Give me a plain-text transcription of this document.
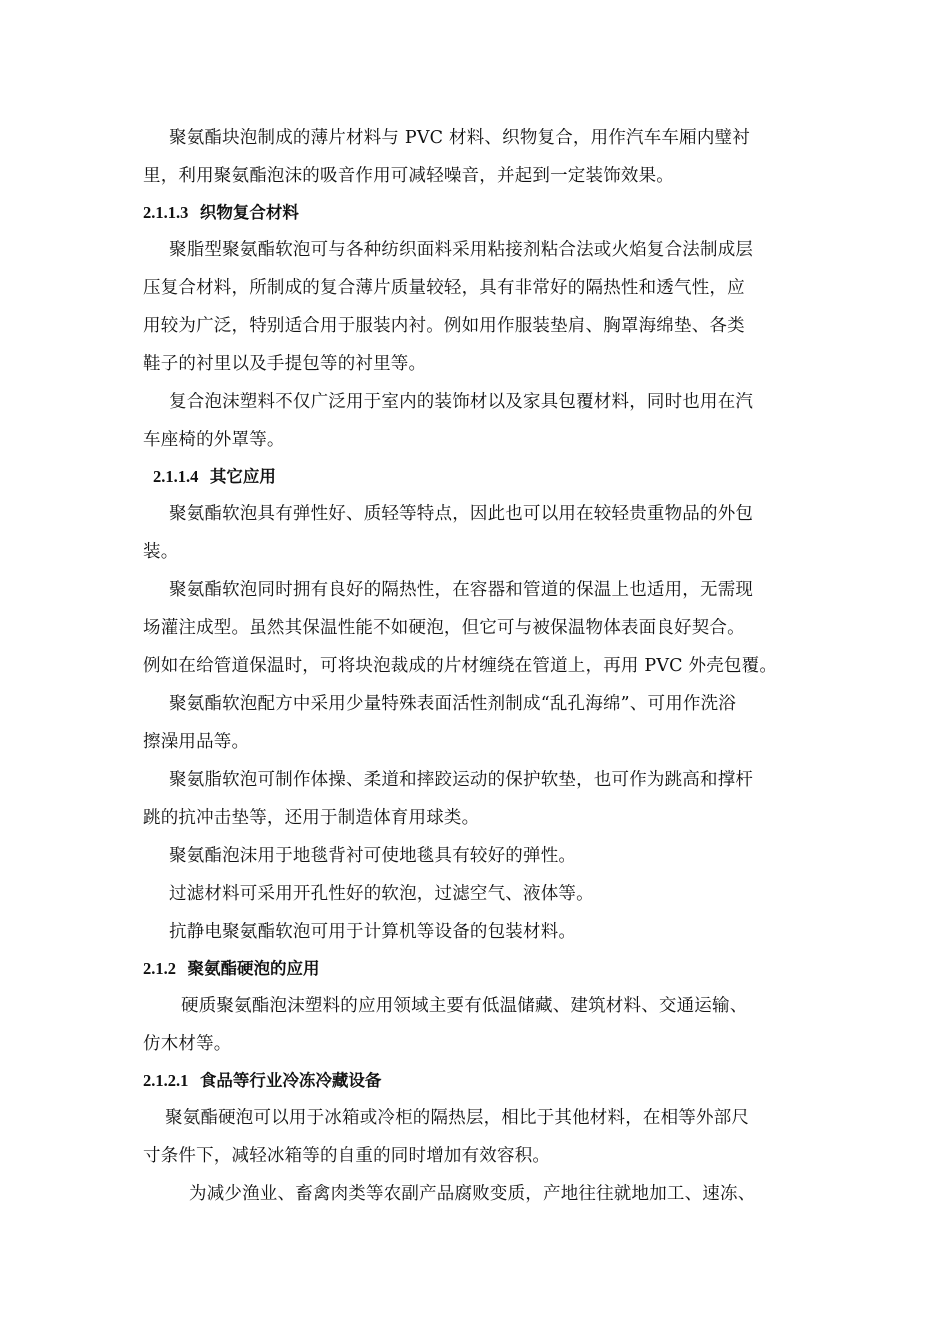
聚氨酯块泡制成的薄片材料与 PVC 材料、织物复合，用作汽车车厢内璧衬
里，利用聚氨酯泡沫的吸音作用可减轻噪音，并起到一定装饰效果。
2.1.1.3 织物复合材料
聚脂型聚氨酯软泡可与各种纺织面料采用粘接剂粘合法或火焰复合法制成层
压复合材料，所制成的复合薄片质量较轻，具有非常好的隔热性和透气性，应
用较为广泛，特别适合用于服装内衬。例如用作服装垫肩、胸罩海绵垫、各类
鞋子的衬里以及手提包等的衬里等。
复合泡沫塑料不仅广泛用于室内的装饰材以及家具包覆材料，同时也用在汽
车座椅的外罩等。
2.1.1.4 其它应用
聚氨酯软泡具有弹性好、质轻等特点，因此也可以用在较轻贵重物品的外包
装。
聚氨酯软泡同时拥有良好的隔热性，在容器和管道的保温上也适用，无需现
场灌注成型。虽然其保温性能不如硬泡，但它可与被保温物体表面良好契合。
例如在给管道保温时，可将块泡裁成的片材缠绕在管道上，再用 PVC 外壳包覆。
聚氨酯软泡配方中采用少量特殊表面活性剂制成“乱孔海绵”、可用作洗浴
擦澡用品等。
聚氨脂软泡可制作体操、柔道和摔跤运动的保护软垫，也可作为跳高和撑杆
跳的抗冲击垫等，还用于制造体育用球类。
聚氨酯泡沫用于地毯背衬可使地毯具有较好的弹性。
过滤材料可采用开孔性好的软泡，过滤空气、液体等。
抗静电聚氨酯软泡可用于计算机等设备的包装材料。
2.1.2 聚氨酯硬泡的应用
硬质聚氨酯泡沫塑料的应用领域主要有低温储藏、建筑材料、交通运输、
仿木材等。
2.1.2.1 食品等行业冷冻冷藏设备
聚氨酯硬泡可以用于冰箱或冷柜的隔热层，相比于其他材料，在相等外部尺
寸条件下，减轻冰箱等的自重的同时增加有效容积。
为减少渔业、畜禽肉类等农副产品腐败变质，产地往往就地加工、速冻、
